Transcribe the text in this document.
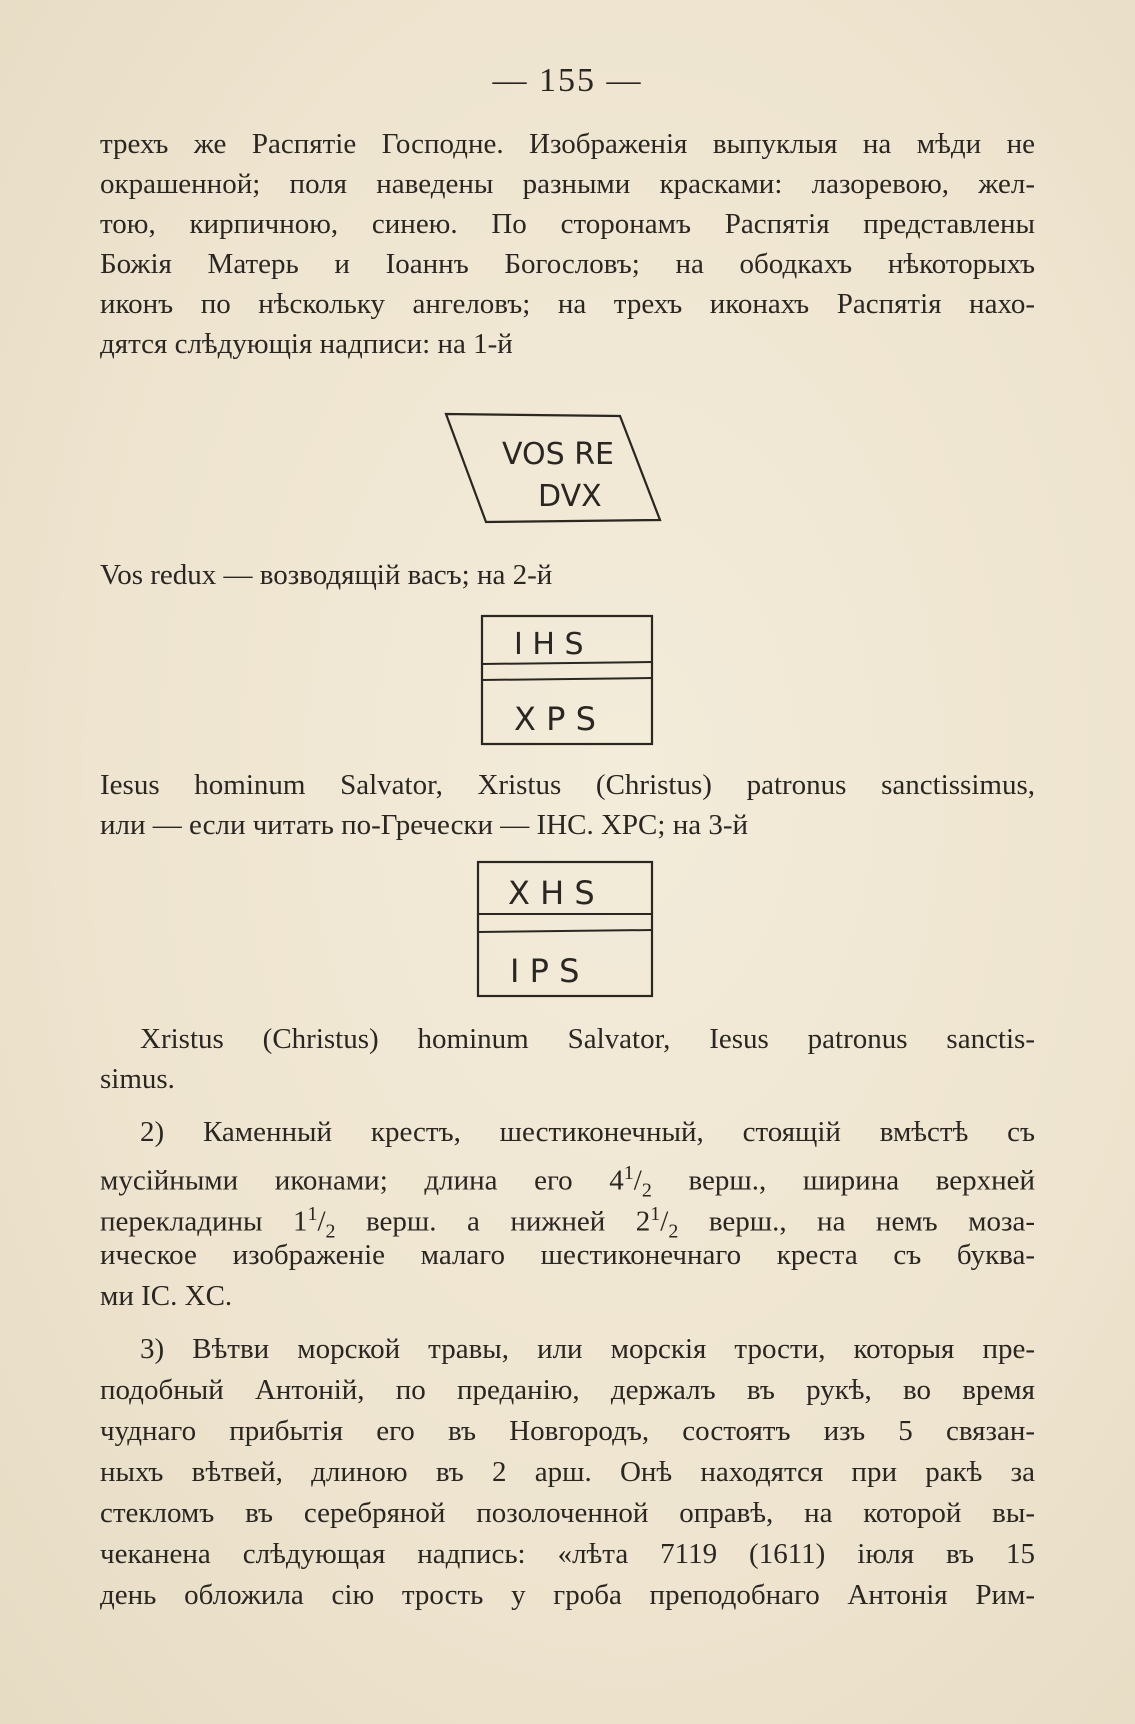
— 155 —
трехъ же Распятіе Господне. Изображенія выпуклыя на мѣди не
окрашенной; поля наведены разными красками: лазоревою, жел-
тою, кирпичною, синею. По сторонамъ Распятія представлены
Божія Матерь и Іоаннъ Богословъ; на ободкахъ нѣкоторыхъ
иконъ по нѣскольку ангеловъ; на трехъ иконахъ Распятія нахо-
дятся слѣдующія надписи: на 1-й
VOS RE
DVX
Vos redux — возводящій васъ; на 2-й
I H S
X P S
Iesus hominum Salvator, Xristus (Christus) patronus sanctissimus,
или — если читать по-Гречески — IHC. XPC; на 3-й
X H S
I P S
Xristus (Christus) hominum Salvator, Iesus patronus sanctis-
simus.
2) Каменный крестъ, шестиконечный, стоящій вмѣстѣ съ
мусійными иконами; длина его $4^1/_2$ верш., ширина верхней
перекладины $1^1/_2$ верш. а нижней $2^1/_2$ верш., на немъ моза-
ическое изображеніе малаго шестиконечнаго креста съ буква-
ми IC. XC.
3) Вѣтви морской травы, или морскія трости, которыя пре-
подобный Антоній, по преданію, держалъ въ рукѣ, во время
чуднаго прибытія его въ Новгородъ, состоятъ изъ 5 связан-
ныхъ вѣтвей, длиною въ 2 арш. Онѣ находятся при ракѣ за
стекломъ въ серебряной позолоченной оправѣ, на которой вы-
чеканена слѣдующая надпись: «лѣта 7119 (1611) іюля въ 15
день обложила сію трость у гроба преподобнаго Антонія Рим-
